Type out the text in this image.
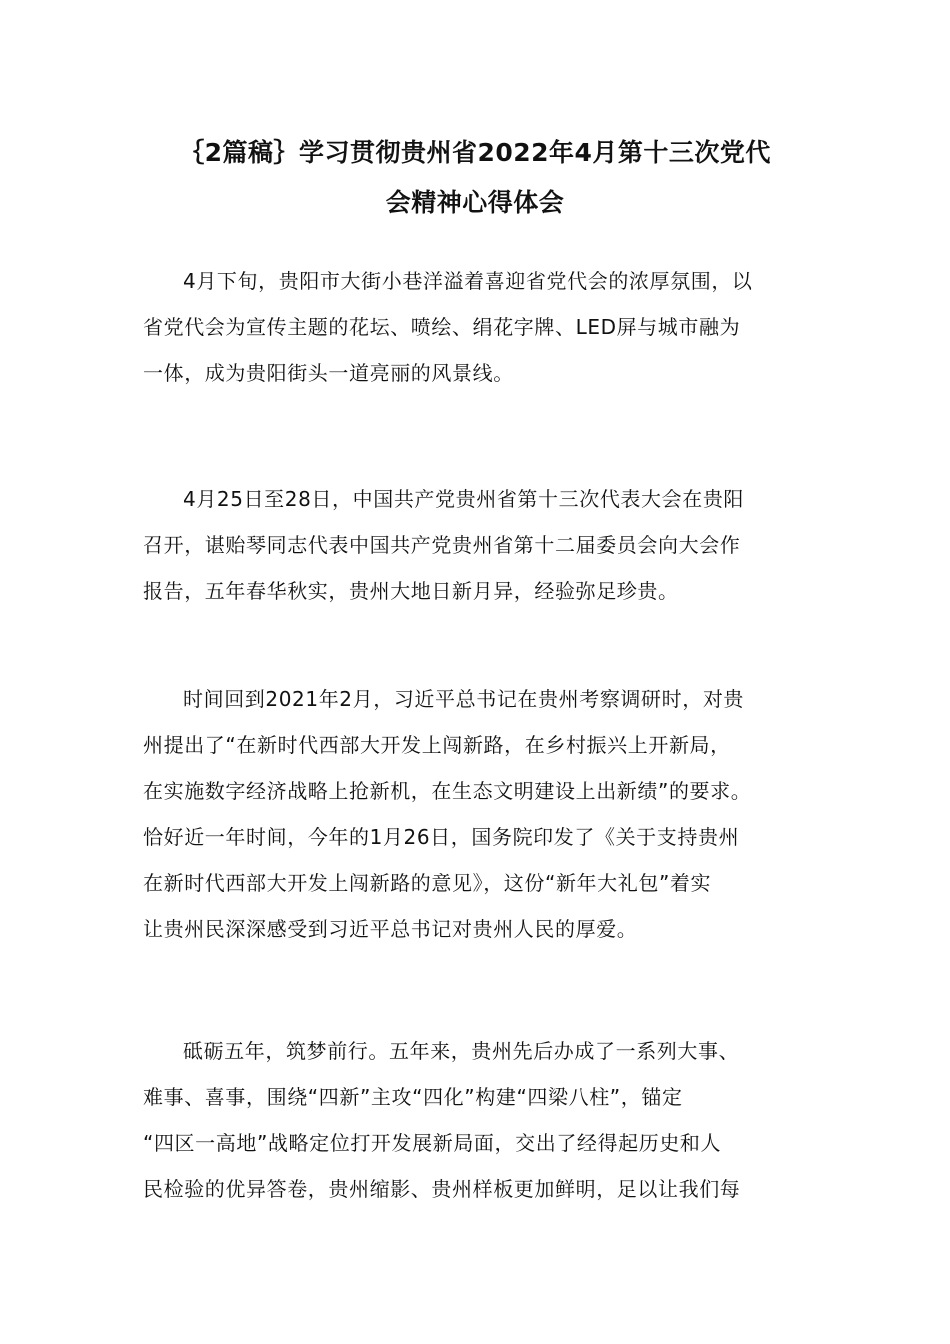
｛2篇稿｝学习贯彻贵州省2022年4月第十三次党代
会精神心得体会
4月下旬，贵阳市大街小巷洋溢着喜迎省党代会的浓厚氛围，以
省党代会为宣传主题的花坛、喷绘、绢花字牌、LED屏与城市融为
一体，成为贵阳街头一道亮丽的风景线。
4月25日至28日，中国共产党贵州省第十三次代表大会在贵阳
召开，谌贻琴同志代表中国共产党贵州省第十二届委员会向大会作
报告，五年春华秋实，贵州大地日新月异，经验弥足珍贵。
时间回到2021年2月，习近平总书记在贵州考察调研时，对贵
州提出了“在新时代西部大开发上闯新路，在乡村振兴上开新局，
在实施数字经济战略上抢新机，在生态文明建设上出新绩”的要求。
恰好近一年时间，今年的1月26日，国务院印发了《关于支持贵州
在新时代西部大开发上闯新路的意见》，这份“新年大礼包”着实
让贵州民深深感受到习近平总书记对贵州人民的厚爱。
砥砺五年，筑梦前行。五年来，贵州先后办成了一系列大事、
难事、喜事，围绕“四新”主攻“四化”构建“四梁八柱”，锚定
“四区一高地”战略定位打开发展新局面，交出了经得起历史和人
民检验的优异答卷，贵州缩影、贵州样板更加鲜明，足以让我们每
